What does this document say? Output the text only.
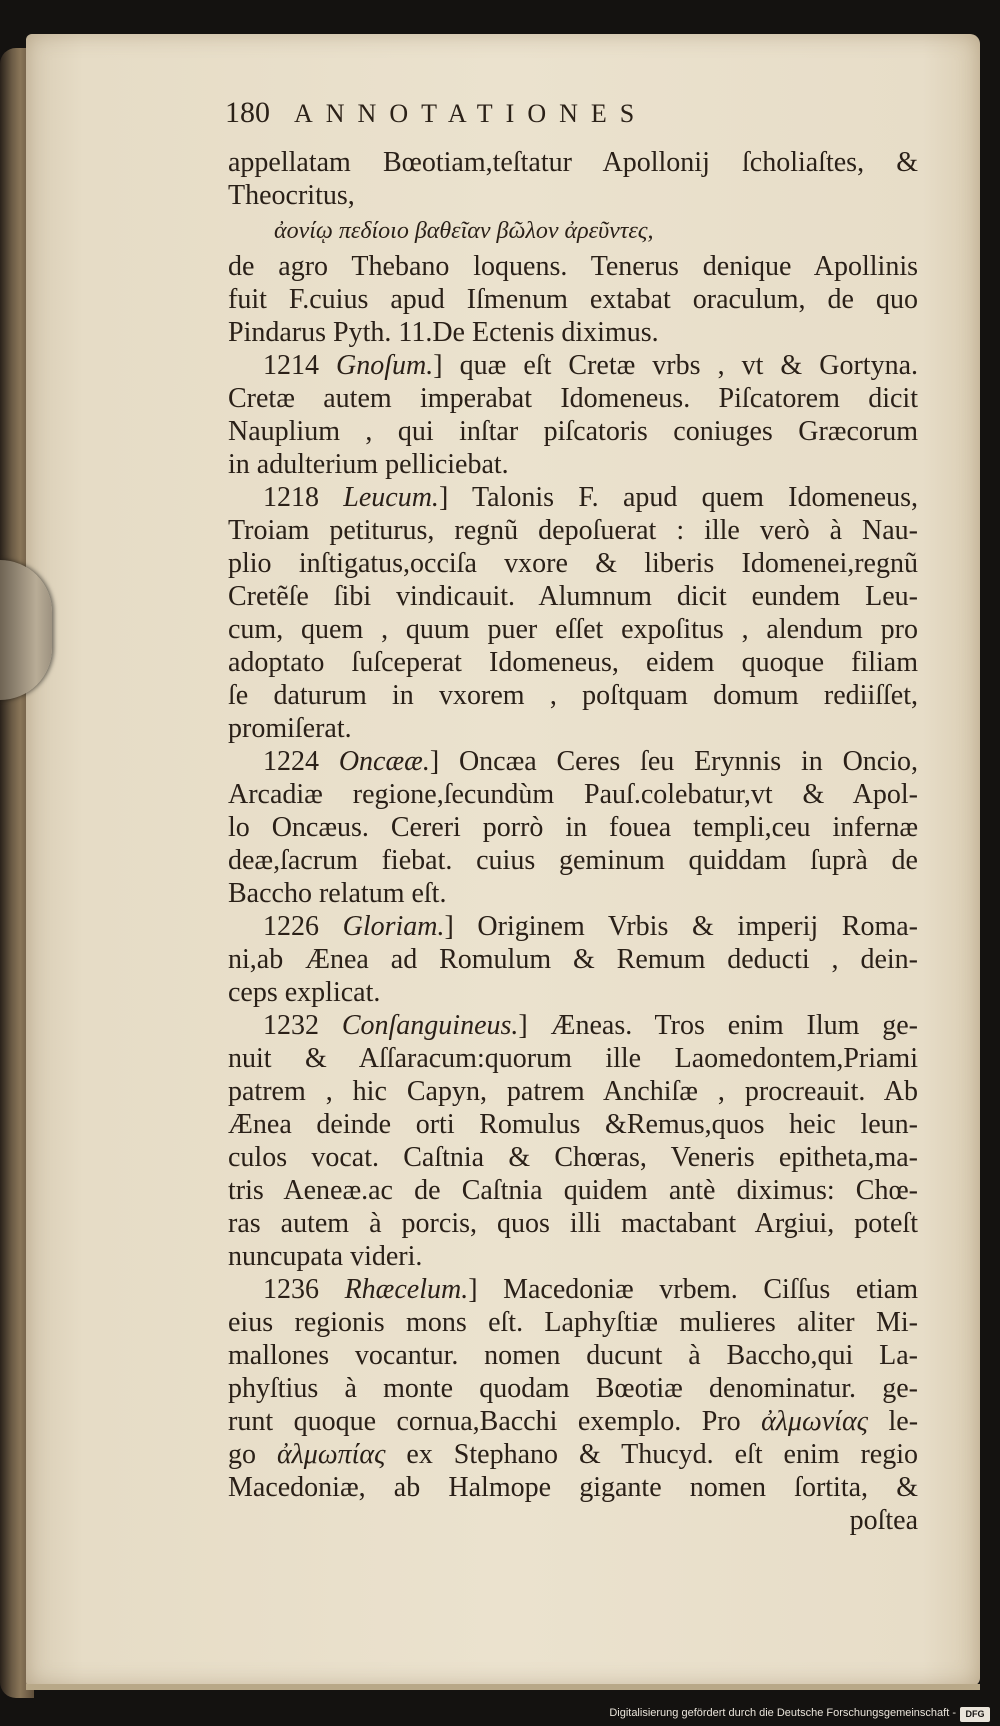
180 ANNOTATIONES
appellatam Bœotiam,teſtatur Apollonij ſcholiaſtes, &
Theocritus,
ἀονίῳ πεδίοιο βαθεῖαν βῶλον ἀρεῦντες,
de agro Thebano loquens. Tenerus denique Apollinis
fuit F.cuius apud Iſmenum extabat oraculum, de quo
Pindarus Pyth. 11.De Ectenis diximus.
1214 Gnoſum.] quæ eſt Cretæ vrbs , vt & Gortyna.
Cretæ autem imperabat Idomeneus. Piſcatorem dicit
Nauplium , qui inſtar piſcatoris coniuges Græcorum
in adulterium pelliciebat.
1218 Leucum.] Talonis F. apud quem Idomeneus,
Troiam petiturus, regnũ depoſuerat : ille verò à Nau-
plio inſtigatus,occiſa vxore & liberis Idomenei,regnũ
Cretẽſe ſibi vindicauit. Alumnum dicit eundem Leu-
cum, quem , quum puer eſſet expoſitus , alendum pro
adoptato ſuſceperat Idomeneus, eidem quoque filiam
ſe daturum in vxorem , poſtquam domum rediiſſet,
promiſerat.
1224 Oncææ.] Oncæa Ceres ſeu Erynnis in Oncio,
Arcadiæ regione,ſecundùm Pauſ.colebatur,vt & Apol-
lo Oncæus. Cereri porrò in fouea templi,ceu infernæ
deæ,ſacrum fiebat. cuius geminum quiddam ſuprà de
Baccho relatum eſt.
1226 Gloriam.] Originem Vrbis & imperij Roma-
ni,ab Ænea ad Romulum & Remum deducti , dein-
ceps explicat.
1232 Conſanguineus.] Æneas. Tros enim Ilum ge-
nuit & Aſſaracum:quorum ille Laomedontem,Priami
patrem , hic Capyn, patrem Anchiſæ , procreauit. Ab
Ænea deinde orti Romulus &Remus,quos heic leun-
culos vocat. Caſtnia & Chœras, Veneris epitheta,ma-
tris Aeneæ.ac de Caſtnia quidem antè diximus: Chœ-
ras autem à porcis, quos illi mactabant Argiui, poteſt
nuncupata videri.
1236 Rhæcelum.] Macedoniæ vrbem. Ciſſus etiam
eius regionis mons eſt. Laphyſtiæ mulieres aliter Mi-
mallones vocantur. nomen ducunt à Baccho,qui La-
phyſtius à monte quodam Bœotiæ denominatur. ge-
runt quoque cornua,Bacchi exemplo. Pro ἀλμωνίας le-
go ἀλμωπίας ex Stephano & Thucyd. eſt enim regio
Macedoniæ, ab Halmope gigante nomen ſortita, &
poſtea
Digitalisierung gefördert durch die Deutsche Forschungsgemeinschaft -	DFG
